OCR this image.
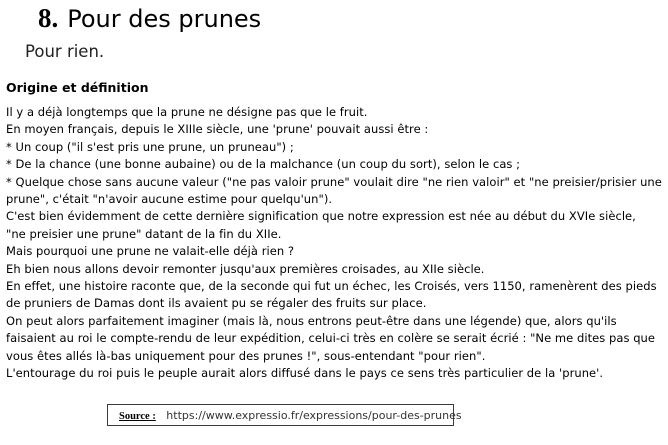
8. Pour des prunes

Pour rien.

Origine et définition
Il y a déjà longtemps que la prune ne désigne pas que le fruit.
En moyen français, depuis le XIIIe siècle, une 'prune' pouvait aussi être :
* Un coup ("il s'est pris une prune, un pruneau") ;
* De la chance (une bonne aubaine) ou de la malchance (un coup du sort), selon le cas ;
* Quelque chose sans aucune valeur ("ne pas valoir prune" voulait dire "ne rien valoir" et "ne preisier/prisier une
prune", c'était "n'avoir aucune estime pour quelqu'un").
C'est bien évidemment de cette dernière signification que notre expression est née au début du XVIe siècle,
"ne preisier une prune" datant de la fin du XIIe.
Mais pourquoi une prune ne valait-elle déjà rien ?
Eh bien nous allons devoir remonter jusqu'aux premières croisades, au XIIe siècle.
En effet, une histoire raconte que, de la seconde qui fut un échec, les Croisés, vers 1150, ramenèrent des pieds
de pruniers de Damas dont ils avaient pu se régaler des fruits sur place.
On peut alors parfaitement imaginer (mais là, nous entrons peut-être dans une légende) que, alors qu'ils
faisaient au roi le compte-rendu de leur expédition, celui-ci très en colère se serait écrié : "Ne me dites pas que
vous êtes allés là-bas uniquement pour des prunes !", sous-entendant "pour rien".
L'entourage du roi puis le peuple aurait alors diffusé dans le pays ce sens très particulier de la 'prune'.
Source : https://www.expressio.fr/expressions/pour-des-prunes
